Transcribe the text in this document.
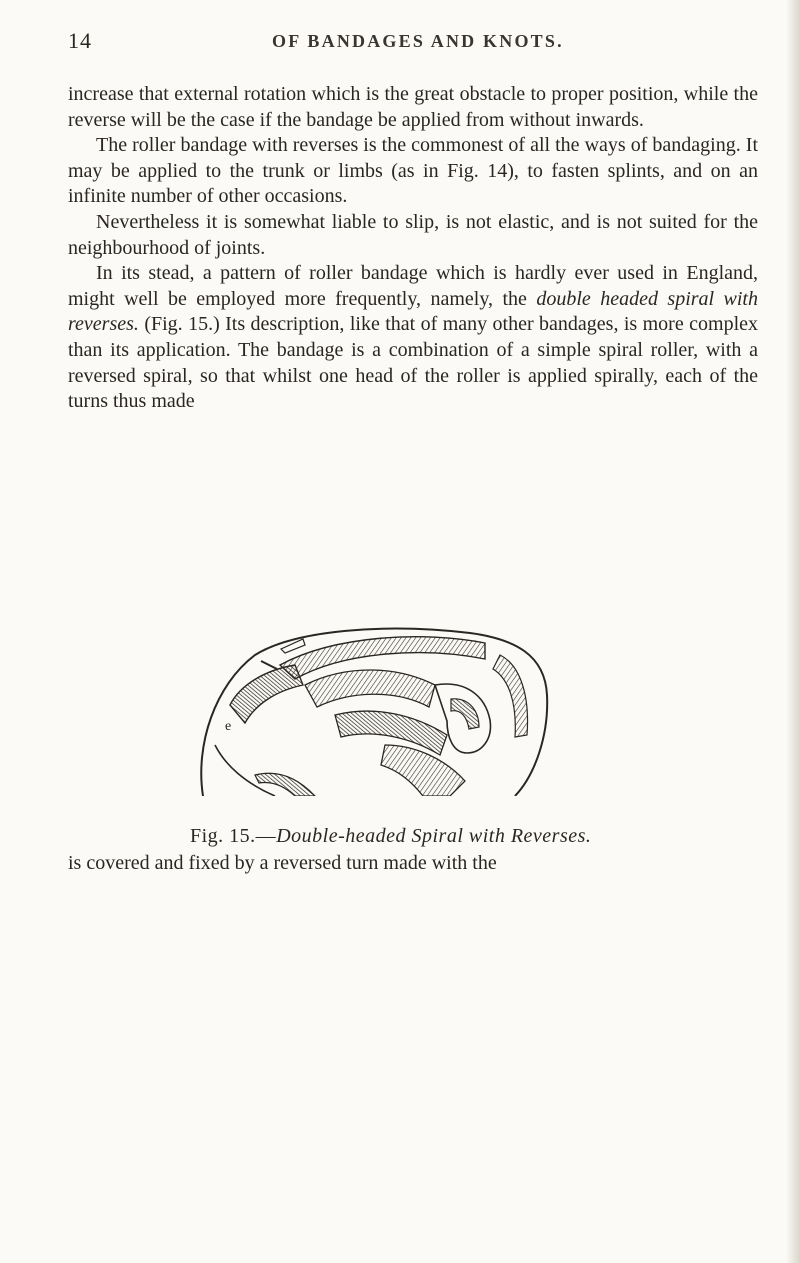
14	OF BANDAGES AND KNOTS.

increase that external rotation which is the great obstacle to proper position, while the reverse will be the case if the bandage be applied from without inwards.

The roller bandage with reverses is the commonest of all the ways of bandaging. It may be applied to the trunk or limbs (as in Fig. 14), to fasten splints, and on an infinite number of other occasions.

Nevertheless it is somewhat liable to slip, is not elastic, and is not suited for the neighbourhood of joints.

In its stead, a pattern of roller bandage which is hardly ever used in England, might well be employed more frequently, namely, the double headed spiral with reverses. (Fig. 15.) Its description, like that of many other bandages, is more complex than its application. The bandage is a combination of a simple spiral roller, with a reversed spiral, so that whilst one head of the roller is applied spirally, each of the turns thus made

e
Fig. 15.—Double-headed Spiral with Reverses.
is covered and fixed by a reversed turn made with the
